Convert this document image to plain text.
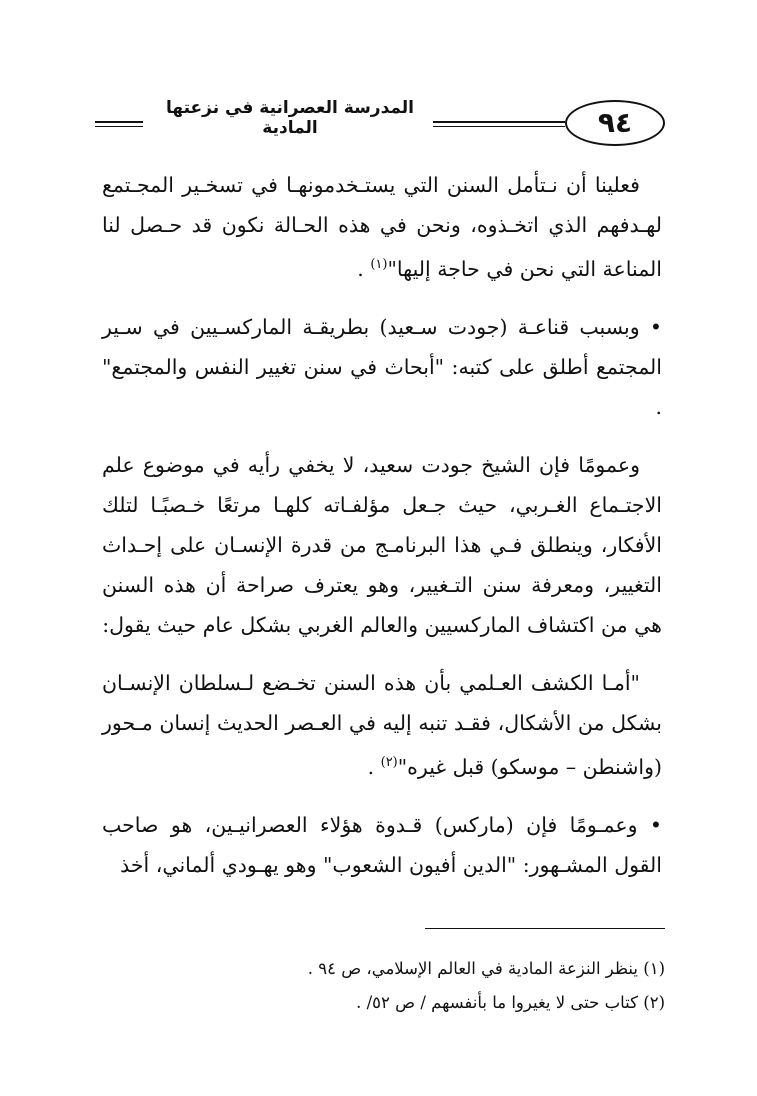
٩٤
المدرسة العصرانية في نزعتها المادية

فعلينا أن نـتأمل السنن التي يستـخدمونهـا في تسخـير المجـتمع لهـدفهم الذي اتخـذوه، ونحن في هذه الحـالة نكون قد حـصل لنا المناعة التي نحن في حاجة إليها"$^{(١)}$ .

• وبسبب قناعـة (جودت سـعيد) بطريقـة الماركسـيين في سـير المجتمع أطلق على كتبه: "أبحاث في سنن تغيير النفس والمجتمع" .

وعمومًا فإن الشيخ جودت سعيد، لا يخفي رأيه في موضوع علم الاجتـماع الغـربي، حيث جـعل مؤلفـاته كلهـا مرتعًا خـصبًـا لتلك الأفكار، وينطلق فـي هذا البرنامـج من قدرة الإنسـان على إحـداث التغيير، ومعرفة سنن التـغيير، وهو يعترف صراحة أن هذه السنن هي من اكتشاف الماركسيين والعالم الغربي بشكل عام حيث يقول:

"أمـا الكشف العـلمي بأن هذه السنن تخـضع لـسلطان الإنسـان بشكل من الأشكال، فقـد تنبه إليه في العـصر الحديث إنسان مـحور (واشنطن – موسكو) قبل غيره"$^{(٢)}$ .

• وعمـومًا فإن (ماركس) قـدوة هؤلاء العصرانيـين، هو صاحب القول المشـهور: "الدين أفيون الشعوب" وهو يهـودي ألماني، أخذ

(١) ينظر النزعة المادية في العالم الإسلامي، ص ٩٤ .
(٢) كتاب حتى لا يغيروا ما بأنفسهم / ص ٥٢/ .
